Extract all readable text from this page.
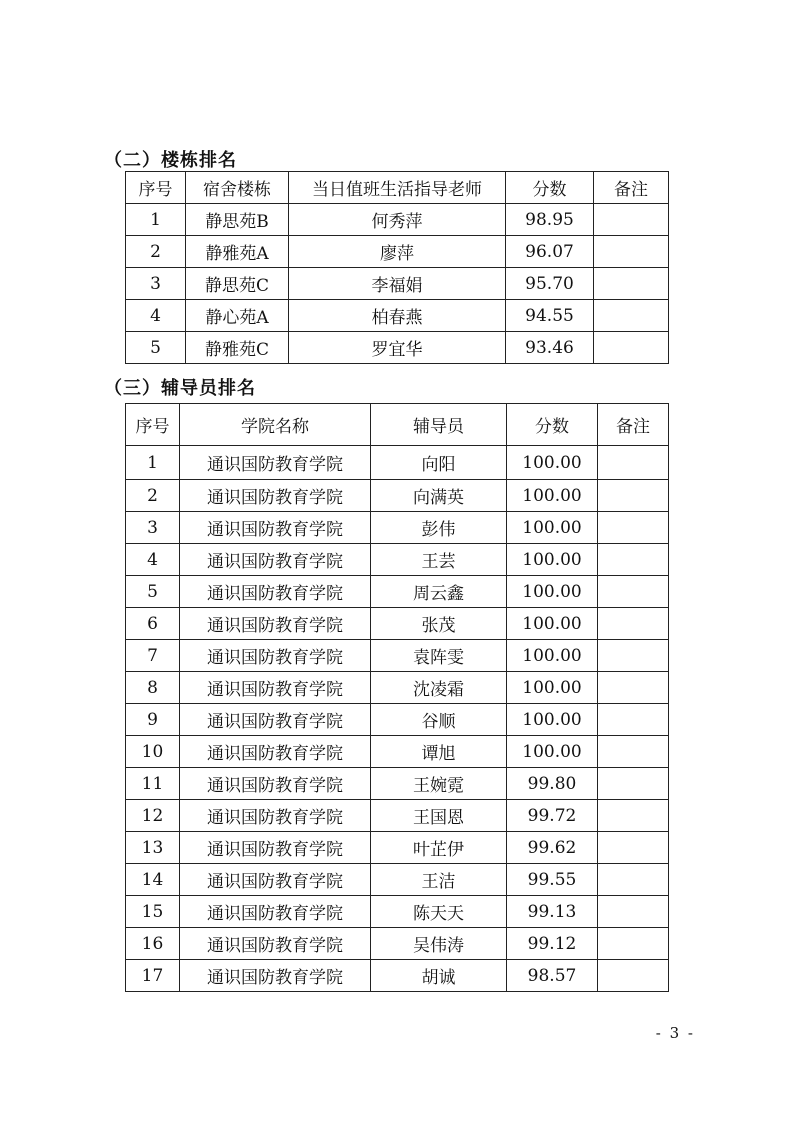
（二）楼栋排名
序号	宿舍楼栋	当日值班生活指导老师	分数	备注
1	静思苑B	何秀萍	98.95	
2	静雅苑A	廖萍	96.07	
3	静思苑C	李福娟	95.70	
4	静心苑A	柏春燕	94.55	
5	静雅苑C	罗宜华	93.46	
（三）辅导员排名
序号	学院名称	辅导员	分数	备注
1	通识国防教育学院	向阳	100.00	
2	通识国防教育学院	向满英	100.00	
3	通识国防教育学院	彭伟	100.00	
4	通识国防教育学院	王芸	100.00	
5	通识国防教育学院	周云鑫	100.00	
6	通识国防教育学院	张茂	100.00	
7	通识国防教育学院	袁阵雯	100.00	
8	通识国防教育学院	沈凌霜	100.00	
9	通识国防教育学院	谷顺	100.00	
10	通识国防教育学院	谭旭	100.00	
11	通识国防教育学院	王婉霓	99.80	
12	通识国防教育学院	王国恩	99.72	
13	通识国防教育学院	叶芷伊	99.62	
14	通识国防教育学院	王洁	99.55	
15	通识国防教育学院	陈天天	99.13	
16	通识国防教育学院	吴伟涛	99.12	
17	通识国防教育学院	胡诚	98.57	
- 3 -
